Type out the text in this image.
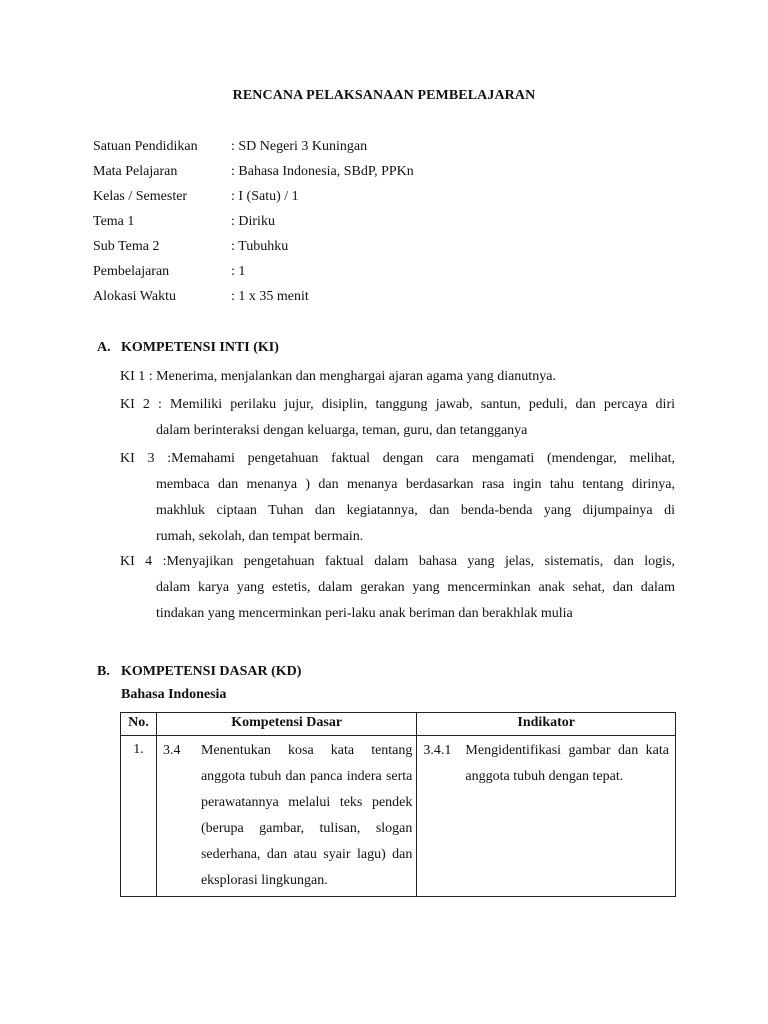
RENCANA PELAKSANAAN PEMBELAJARAN
Satuan Pendidikan	: SD Negeri 3 Kuningan
Mata Pelajaran	: Bahasa Indonesia, SBdP, PPKn
Kelas / Semester	: I (Satu) / 1
Tema 1	: Diriku
Sub Tema 2	: Tubuhku
Pembelajaran	: 1
Alokasi Waktu	: 1 x 35 menit
A. KOMPETENSI INTI (KI)

KI 1 : Menerima, menjalankan dan menghargai ajaran agama yang dianutnya.

KI 2 : Memiliki perilaku jujur, disiplin, tanggung jawab, santun, peduli, dan percaya diri

dalam berinteraksi dengan keluarga, teman, guru, dan tetangganya

KI 3 :Memahami pengetahuan faktual dengan cara mengamati (mendengar, melihat,

membaca dan menanya ) dan menanya berdasarkan rasa ingin tahu tentang dirinya,

makhluk ciptaan Tuhan dan kegiatannya, dan benda-benda yang dijumpainya di

rumah, sekolah, dan tempat bermain.

KI 4 :Menyajikan pengetahuan faktual dalam bahasa yang jelas, sistematis, dan logis,

dalam karya yang estetis, dalam gerakan yang mencerminkan anak sehat, dan dalam

tindakan yang mencerminkan peri-laku anak beriman dan berakhlak mulia

B. KOMPETENSI DASAR (KD)
Bahasa Indonesia
No.	Kompetensi Dasar	Indikator
1.	3.4 Menentukan kosa kata tentang anggota tubuh dan panca indera serta perawatannya melalui teks pendek (berupa gambar, tulisan, slogan sederhana, dan atau syair lagu) dan eksplorasi lingkungan.	3.4.1 Mengidentifikasi gambar dan kata anggota tubuh dengan tepat.
